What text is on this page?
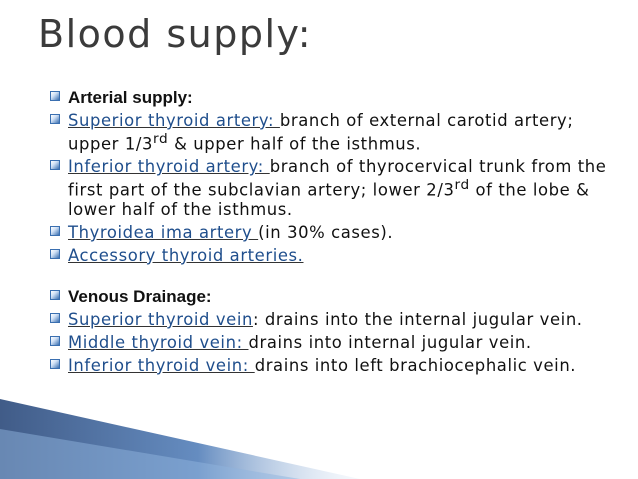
Blood supply:

Arterial supply:

Superior thyroid artery: branch of external carotid artery; upper 1/3rd & upper half of the isthmus.

Inferior thyroid artery: branch of thyrocervical trunk from the first part of the subclavian artery; lower 2/3rd of the lobe & lower half of the isthmus.

Thyroidea ima artery (in 30% cases).

Accessory thyroid arteries.

Venous Drainage:

Superior thyroid vein: drains into the internal jugular vein.

Middle thyroid vein: drains into internal jugular vein.

Inferior thyroid vein: drains into left brachiocephalic vein.
